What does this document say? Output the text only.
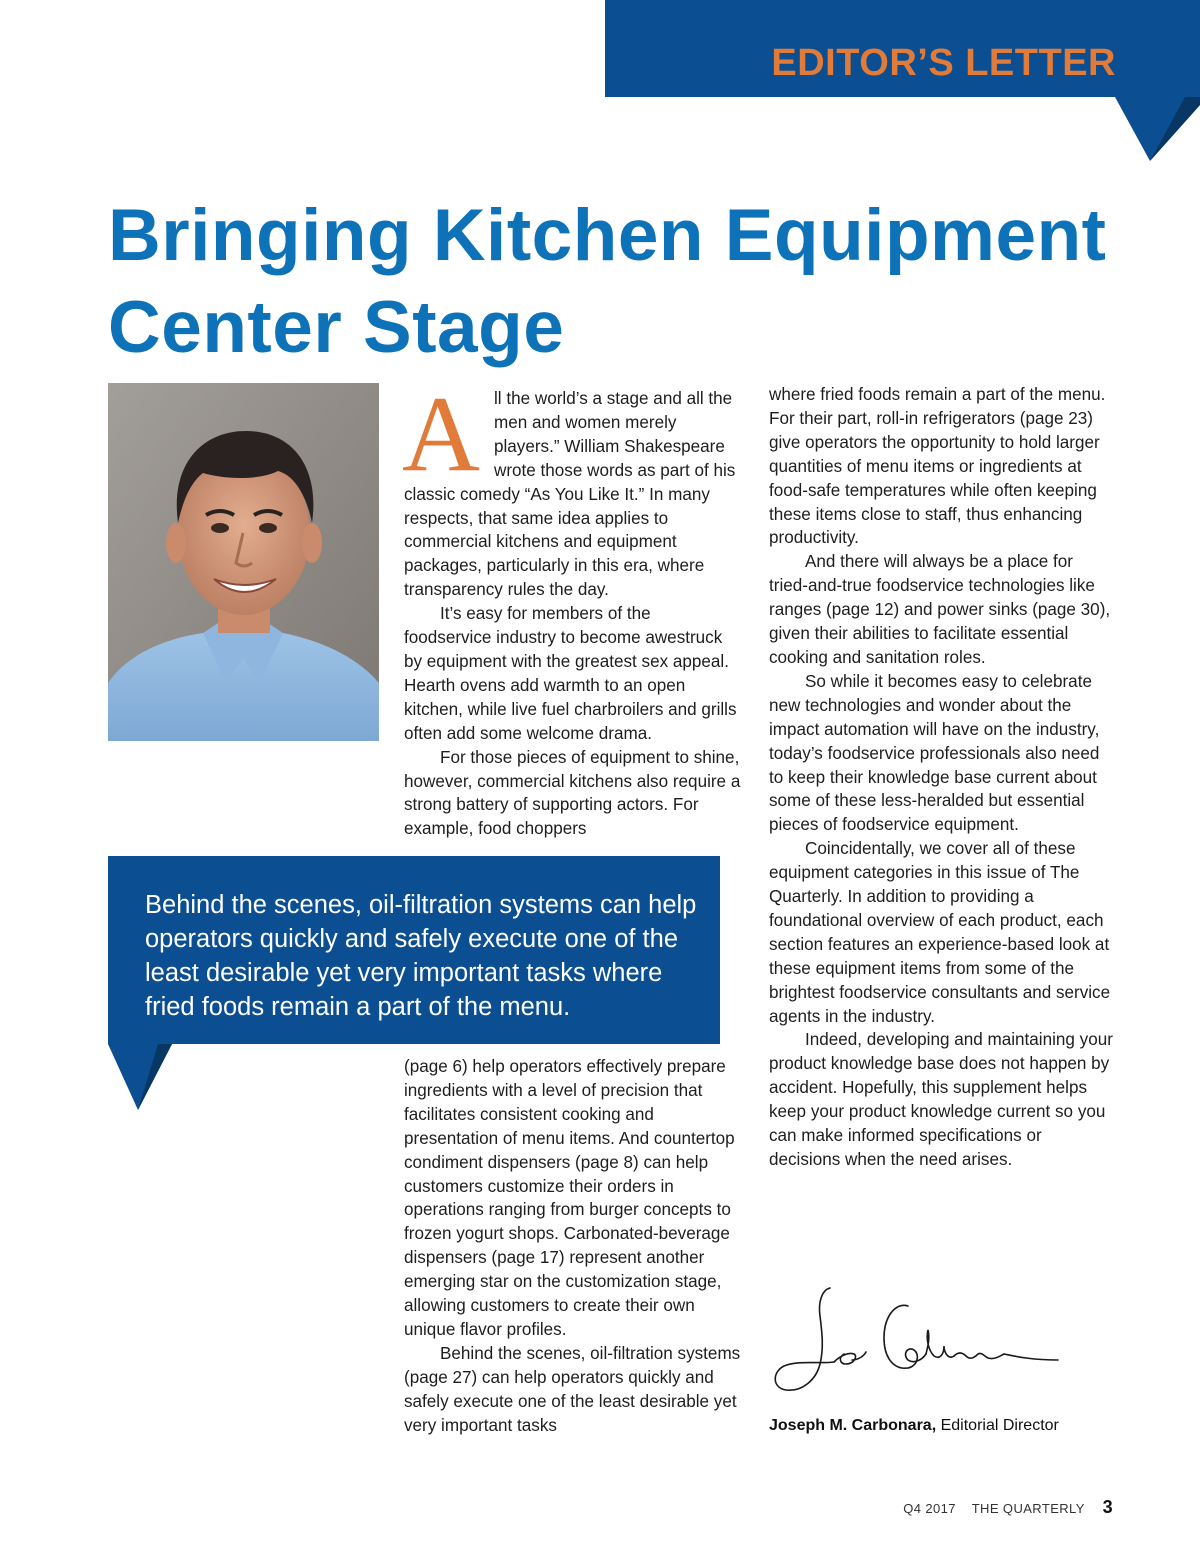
EDITOR’S LETTER
Bringing Kitchen Equipment Center Stage
A ll the world’s a stage and all the men and women merely players.” William Shakespeare wrote those words as part of his classic comedy “As You Like It.” In many respects, that same idea applies to commercial kitchens and equipment packages, particularly in this era, where transparency rules the day.

It’s easy for members of the foodservice industry to become awestruck by equipment with the greatest sex appeal. Hearth ovens add warmth to an open kitchen, while live fuel charbroilers and grills often add some welcome drama.

For those pieces of equipment to shine, however, commercial kitchens also require a strong battery of supporting actors. For example, food choppers

Behind the scenes, oil-filtration systems can help operators quickly and safely execute one of the least desirable yet very important tasks where fried foods remain a part of the menu.

(page 6) help operators effectively prepare ingredients with a level of precision that facilitates consistent cooking and presentation of menu items. And countertop condiment dispensers (page 8) can help customers customize their orders in operations ranging from burger concepts to frozen yogurt shops. Carbonated-beverage dispensers (page 17) represent another emerging star on the customization stage, allowing customers to create their own unique flavor profiles.

Behind the scenes, oil-filtration systems (page 27) can help operators quickly and safely execute one of the least desirable yet very important tasks

where fried foods remain a part of the menu. For their part, roll-in refrigerators (page 23) give operators the opportunity to hold larger quantities of menu items or ingredients at food-safe temperatures while often keeping these items close to staff, thus enhancing productivity.

And there will always be a place for tried-and-true foodservice technologies like ranges (page 12) and power sinks (page 30), given their abilities to facilitate essential cooking and sanitation roles.

So while it becomes easy to celebrate new technologies and wonder about the impact automation will have on the industry, today’s foodservice professionals also need to keep their knowledge base current about some of these less-heralded but essential pieces of foodservice equipment.

Coincidentally, we cover all of these equipment categories in this issue of The Quarterly. In addition to providing a foundational overview of each product, each section features an experience-based look at these equipment items from some of the brightest foodservice consultants and service agents in the industry.

Indeed, developing and maintaining your product knowledge base does not happen by accident. Hopefully, this supplement helps keep your product knowledge current so you can make informed specifications or decisions when the need arises.

Joseph M. Carbonara, Editorial Director
Q4 2017 THE QUARTERLY 3
